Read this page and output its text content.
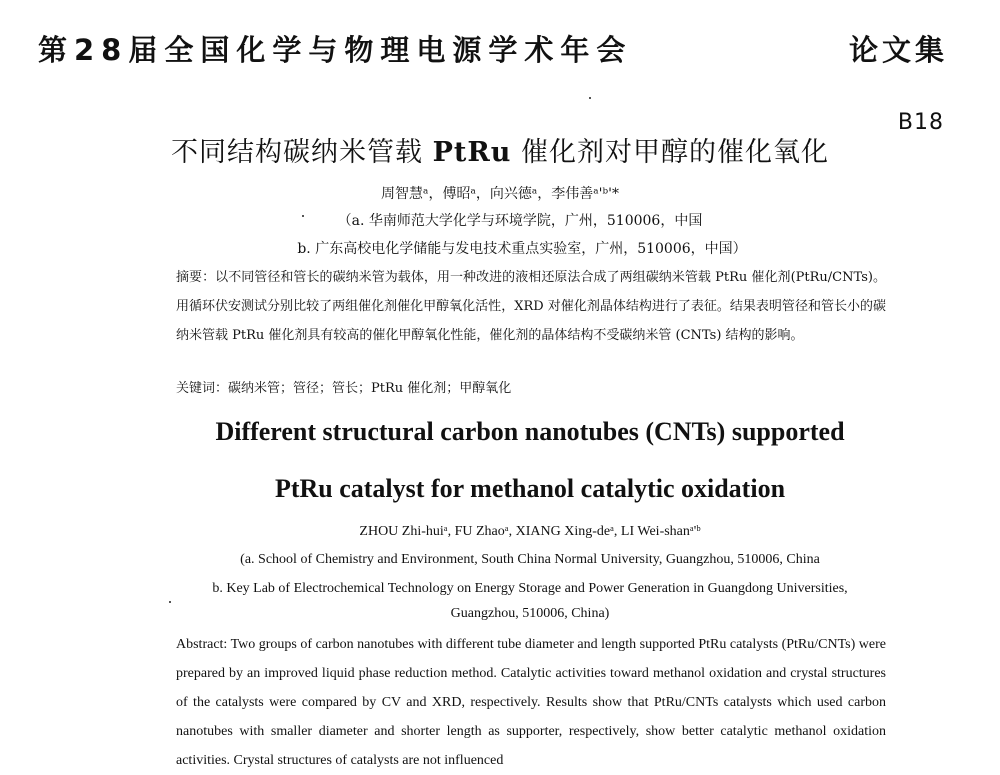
第28届全国化学与物理电源学术年会	论文集
B18
不同结构碳纳米管载 PtRu 催化剂对甲醇的催化氧化
周智慧ᵃ，傅昭ᵃ，向兴德ᵃ，李伟善ᵃ'ᵇ'*
（a. 华南师范大学化学与环境学院，广州，510006，中国
b. 广东高校电化学储能与发电技术重点实验室，广州，510006，中国）
摘要：以不同管径和管长的碳纳米管为载体，用一种改进的液相还原法合成了两组碳纳米管载 PtRu 催化剂(PtRu/CNTs)。用循环伏安测试分别比较了两组催化剂催化甲醇氧化活性，XRD 对催化剂晶体结构进行了表征。结果表明管径和管长小的碳纳米管载 PtRu 催化剂具有较高的催化甲醇氧化性能，催化剂的晶体结构不受碳纳米管 (CNTs) 结构的影响。
关键词：碳纳米管；管径；管长；PtRu 催化剂；甲醇氧化
Different structural carbon nanotubes (CNTs) supported
PtRu catalyst for methanol catalytic oxidation
ZHOU Zhi-huiᵃ, FU Zhaoᵃ, XIANG Xing-deᵃ, LI Wei-shanᵃ'ᵇ
(a. School of Chemistry and Environment, South China Normal University, Guangzhou, 510006, China
b. Key Lab of Electrochemical Technology on Energy Storage and Power Generation in Guangdong Universities,
Guangzhou, 510006, China)
Abstract: Two groups of carbon nanotubes with different tube diameter and length supported PtRu catalysts (PtRu/CNTs) were prepared by an improved liquid phase reduction method. Catalytic activities toward methanol oxidation and crystal structures of the catalysts were compared by CV and XRD, respectively. Results show that PtRu/CNTs catalysts which used carbon nanotubes with smaller diameter and shorter length as supporter, respectively, show better catalytic methanol oxidation activities. Crystal structures of catalysts are not influenced
